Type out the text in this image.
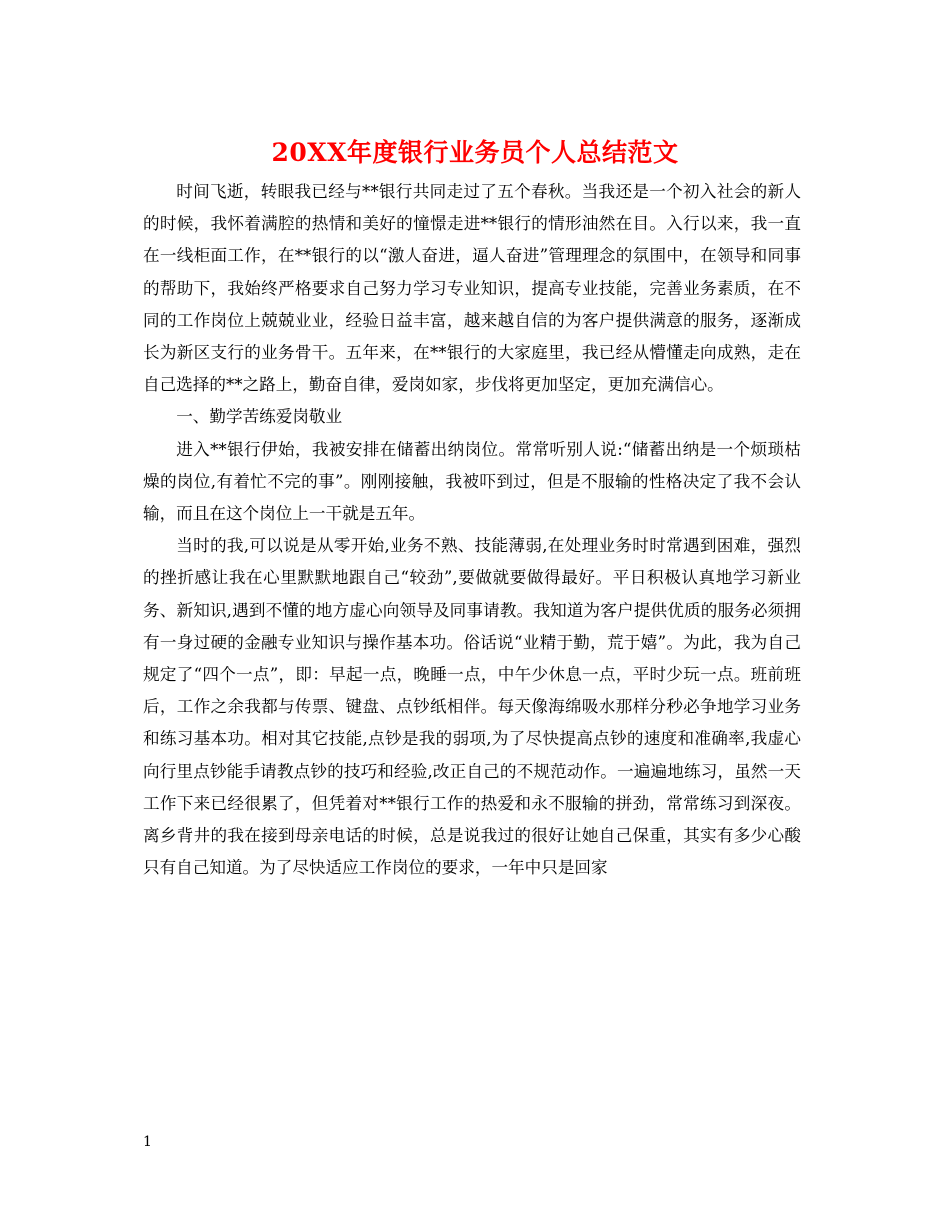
20XX年度银行业务员个人总结范文

时间飞逝，转眼我已经与**银行共同走过了五个春秋。当我还是一个初入社会的新人的时候，我怀着满腔的热情和美好的憧憬走进**银行的情形油然在目。入行以来，我一直在一线柜面工作，在**银行的以“激人奋进，逼人奋进”管理理念的氛围中，在领导和同事的帮助下，我始终严格要求自己努力学习专业知识，提高专业技能，完善业务素质，在不同的工作岗位上兢兢业业，经验日益丰富，越来越自信的为客户提供满意的服务，逐渐成长为新区支行的业务骨干。五年来，在**银行的大家庭里，我已经从懵懂走向成熟，走在自己选择的**之路上，勤奋自律，爱岗如家，步伐将更加坚定，更加充满信心。

一、勤学苦练爱岗敬业

进入**银行伊始，我被安排在储蓄出纳岗位。常常听别人说:“储蓄出纳是一个烦琐枯燥的岗位,有着忙不完的事”。刚刚接触，我被吓到过，但是不服输的性格决定了我不会认输，而且在这个岗位上一干就是五年。

当时的我,可以说是从零开始,业务不熟、技能薄弱,在处理业务时时常遇到困难，强烈的挫折感让我在心里默默地跟自己“较劲”,要做就要做得最好。平日积极认真地学习新业务、新知识,遇到不懂的地方虚心向领导及同事请教。我知道为客户提供优质的服务必须拥有一身过硬的金融专业知识与操作基本功。俗话说“业精于勤，荒于嬉”。为此，我为自己规定了“四个一点”，即：早起一点，晚睡一点，中午少休息一点，平时少玩一点。班前班后，工作之余我都与传票、键盘、点钞纸相伴。每天像海绵吸水那样分秒必争地学习业务和练习基本功。相对其它技能,点钞是我的弱项,为了尽快提高点钞的速度和准确率,我虚心向行里点钞能手请教点钞的技巧和经验,改正自己的不规范动作。一遍遍地练习，虽然一天工作下来已经很累了，但凭着对**银行工作的热爱和永不服输的拼劲，常常练习到深夜。离乡背井的我在接到母亲电话的时候，总是说我过的很好让她自己保重，其实有多少心酸只有自己知道。为了尽快适应工作岗位的要求，一年中只是回家

1
